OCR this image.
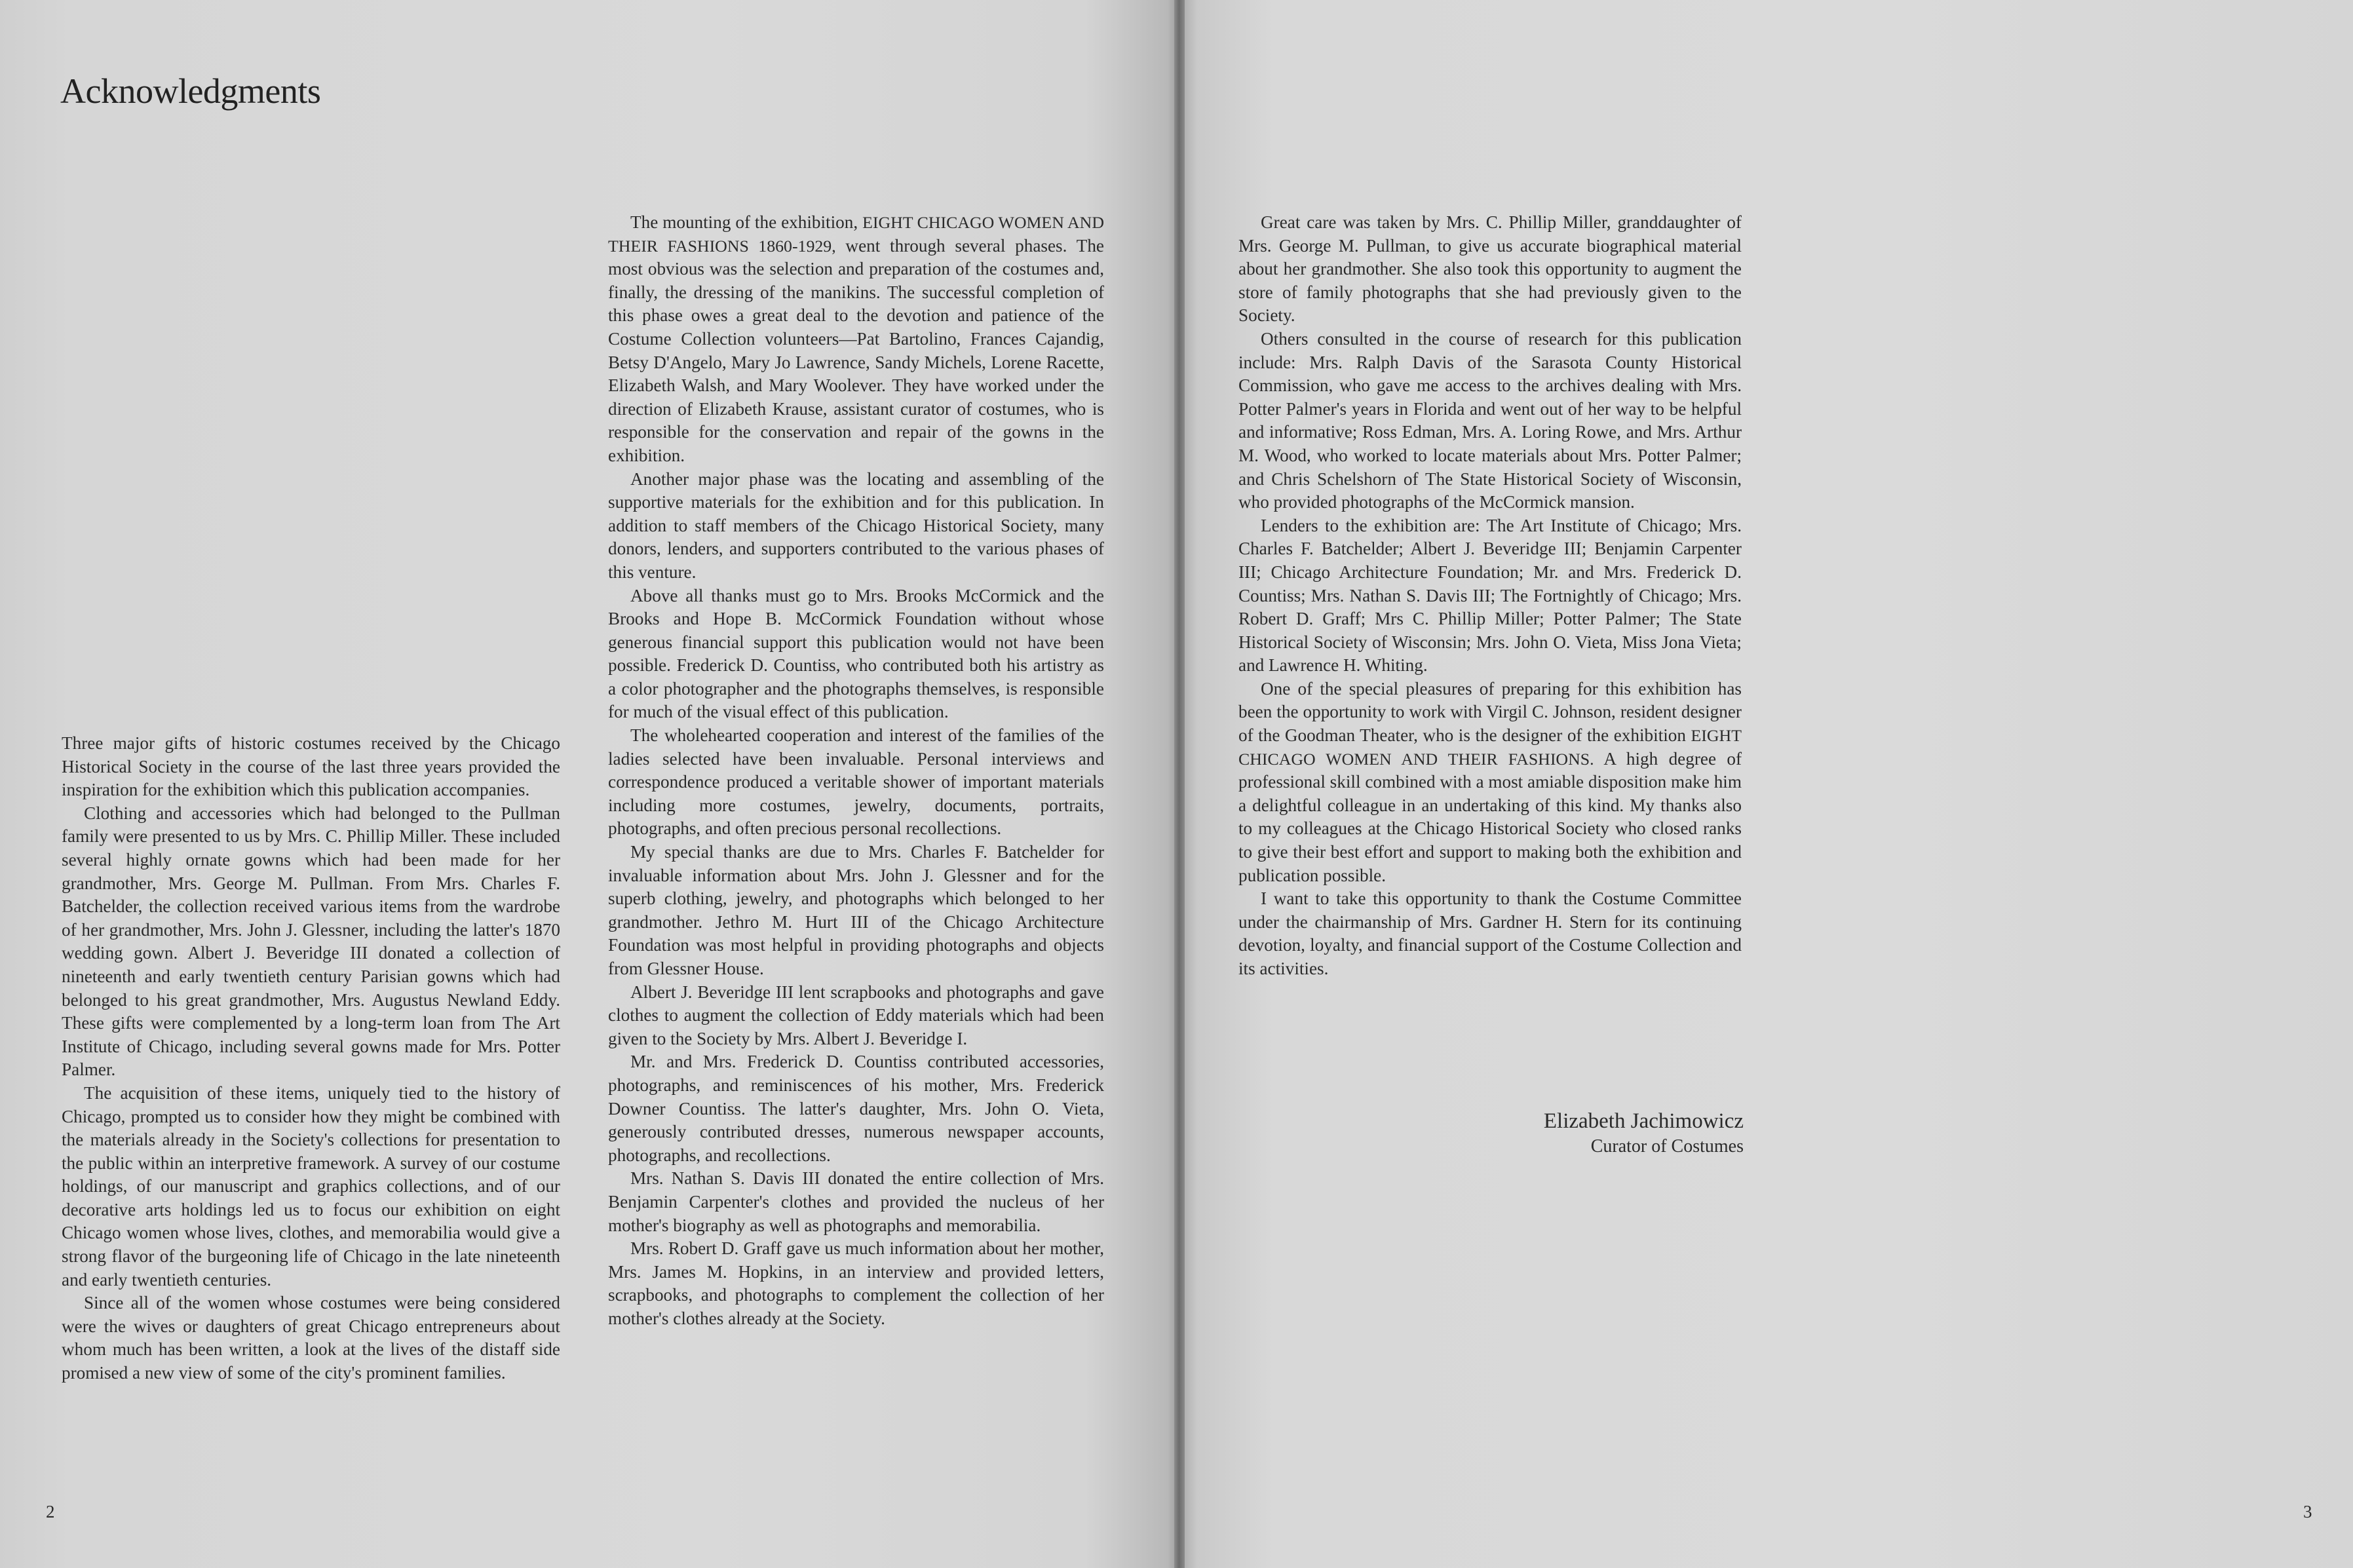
Acknowledgments

Three major gifts of historic costumes received by the Chicago Historical Society in the course of the last three years provided the inspiration for the exhibition which this publication accompanies.

Clothing and accessories which had belonged to the Pullman family were presented to us by Mrs. C. Phillip Miller. These included several highly ornate gowns which had been made for her grandmother, Mrs. George M. Pullman. From Mrs. Charles F. Batchelder, the collection received various items from the wardrobe of her grandmother, Mrs. John J. Glessner, including the latter's 1870 wedding gown. Albert J. Beveridge III donated a collection of nineteenth and early twentieth century Parisian gowns which had belonged to his great grandmother, Mrs. Augustus Newland Eddy. These gifts were complemented by a long-term loan from The Art Institute of Chicago, including several gowns made for Mrs. Potter Palmer.

The acquisition of these items, uniquely tied to the history of Chicago, prompted us to consider how they might be combined with the materials already in the Society's collections for presentation to the public within an interpretive framework. A survey of our costume holdings, of our manuscript and graphics collections, and of our decorative arts holdings led us to focus our exhibition on eight Chicago women whose lives, clothes, and memorabilia would give a strong flavor of the burgeoning life of Chicago in the late nineteenth and early twentieth centuries.

Since all of the women whose costumes were being considered were the wives or daughters of great Chicago entrepreneurs about whom much has been written, a look at the lives of the distaff side promised a new view of some of the city's prominent families.

The mounting of the exhibition, EIGHT CHICAGO WOMEN AND THEIR FASHIONS 1860-1929, went through several phases. The most obvious was the selection and preparation of the costumes and, finally, the dressing of the manikins. The successful completion of this phase owes a great deal to the devotion and patience of the Costume Collection volunteers—Pat Bartolino, Frances Cajandig, Betsy D'Angelo, Mary Jo Lawrence, Sandy Michels, Lorene Racette, Elizabeth Walsh, and Mary Woolever. They have worked under the direction of Elizabeth Krause, assistant curator of costumes, who is responsible for the conservation and repair of the gowns in the exhibition.

Another major phase was the locating and assembling of the supportive materials for the exhibition and for this publication. In addition to staff members of the Chicago Historical Society, many donors, lenders, and supporters contributed to the various phases of this venture.

Above all thanks must go to Mrs. Brooks McCormick and the Brooks and Hope B. McCormick Foundation without whose generous financial support this publication would not have been possible. Frederick D. Countiss, who contributed both his artistry as a color photographer and the photographs themselves, is responsible for much of the visual effect of this publication.

The wholehearted cooperation and interest of the families of the ladies selected have been invaluable. Personal interviews and correspondence produced a veritable shower of important materials including more costumes, jewelry, documents, portraits, photographs, and often precious personal recollections.

My special thanks are due to Mrs. Charles F. Batchelder for invaluable information about Mrs. John J. Glessner and for the superb clothing, jewelry, and photographs which belonged to her grandmother. Jethro M. Hurt III of the Chicago Architecture Foundation was most helpful in providing photographs and objects from Glessner House.

Albert J. Beveridge III lent scrapbooks and photographs and gave clothes to augment the collection of Eddy materials which had been given to the Society by Mrs. Albert J. Beveridge I.

Mr. and Mrs. Frederick D. Countiss contributed accessories, photographs, and reminiscences of his mother, Mrs. Frederick Downer Countiss. The latter's daughter, Mrs. John O. Vieta, generously contributed dresses, numerous newspaper accounts, photographs, and recollections.

Mrs. Nathan S. Davis III donated the entire collection of Mrs. Benjamin Carpenter's clothes and provided the nucleus of her mother's biography as well as photographs and memorabilia.

Mrs. Robert D. Graff gave us much information about her mother, Mrs. James M. Hopkins, in an interview and provided letters, scrapbooks, and photographs to complement the collection of her mother's clothes already at the Society.

2

Great care was taken by Mrs. C. Phillip Miller, granddaughter of Mrs. George M. Pullman, to give us accurate biographical material about her grandmother. She also took this opportunity to augment the store of family photographs that she had previously given to the Society.

Others consulted in the course of research for this publication include: Mrs. Ralph Davis of the Sarasota County Historical Commission, who gave me access to the archives dealing with Mrs. Potter Palmer's years in Florida and went out of her way to be helpful and informative; Ross Edman, Mrs. A. Loring Rowe, and Mrs. Arthur M. Wood, who worked to locate materials about Mrs. Potter Palmer; and Chris Schelshorn of The State Historical Society of Wisconsin, who provided photographs of the McCormick mansion.

Lenders to the exhibition are: The Art Institute of Chicago; Mrs. Charles F. Batchelder; Albert J. Beveridge III; Benjamin Carpenter III; Chicago Architecture Foundation; Mr. and Mrs. Frederick D. Countiss; Mrs. Nathan S. Davis III; The Fortnightly of Chicago; Mrs. Robert D. Graff; Mrs C. Phillip Miller; Potter Palmer; The State Historical Society of Wisconsin; Mrs. John O. Vieta, Miss Jona Vieta; and Lawrence H. Whiting.

One of the special pleasures of preparing for this exhibition has been the opportunity to work with Virgil C. Johnson, resident designer of the Goodman Theater, who is the designer of the exhibition EIGHT CHICAGO WOMEN AND THEIR FASHIONS. A high degree of professional skill combined with a most amiable disposition make him a delightful colleague in an undertaking of this kind. My thanks also to my colleagues at the Chicago Historical Society who closed ranks to give their best effort and support to making both the exhibition and publication possible.

I want to take this opportunity to thank the Costume Committee under the chairmanship of Mrs. Gardner H. Stern for its continuing devotion, loyalty, and financial support of the Costume Collection and its activities.

Elizabeth Jachimowicz
Curator of Costumes
3
